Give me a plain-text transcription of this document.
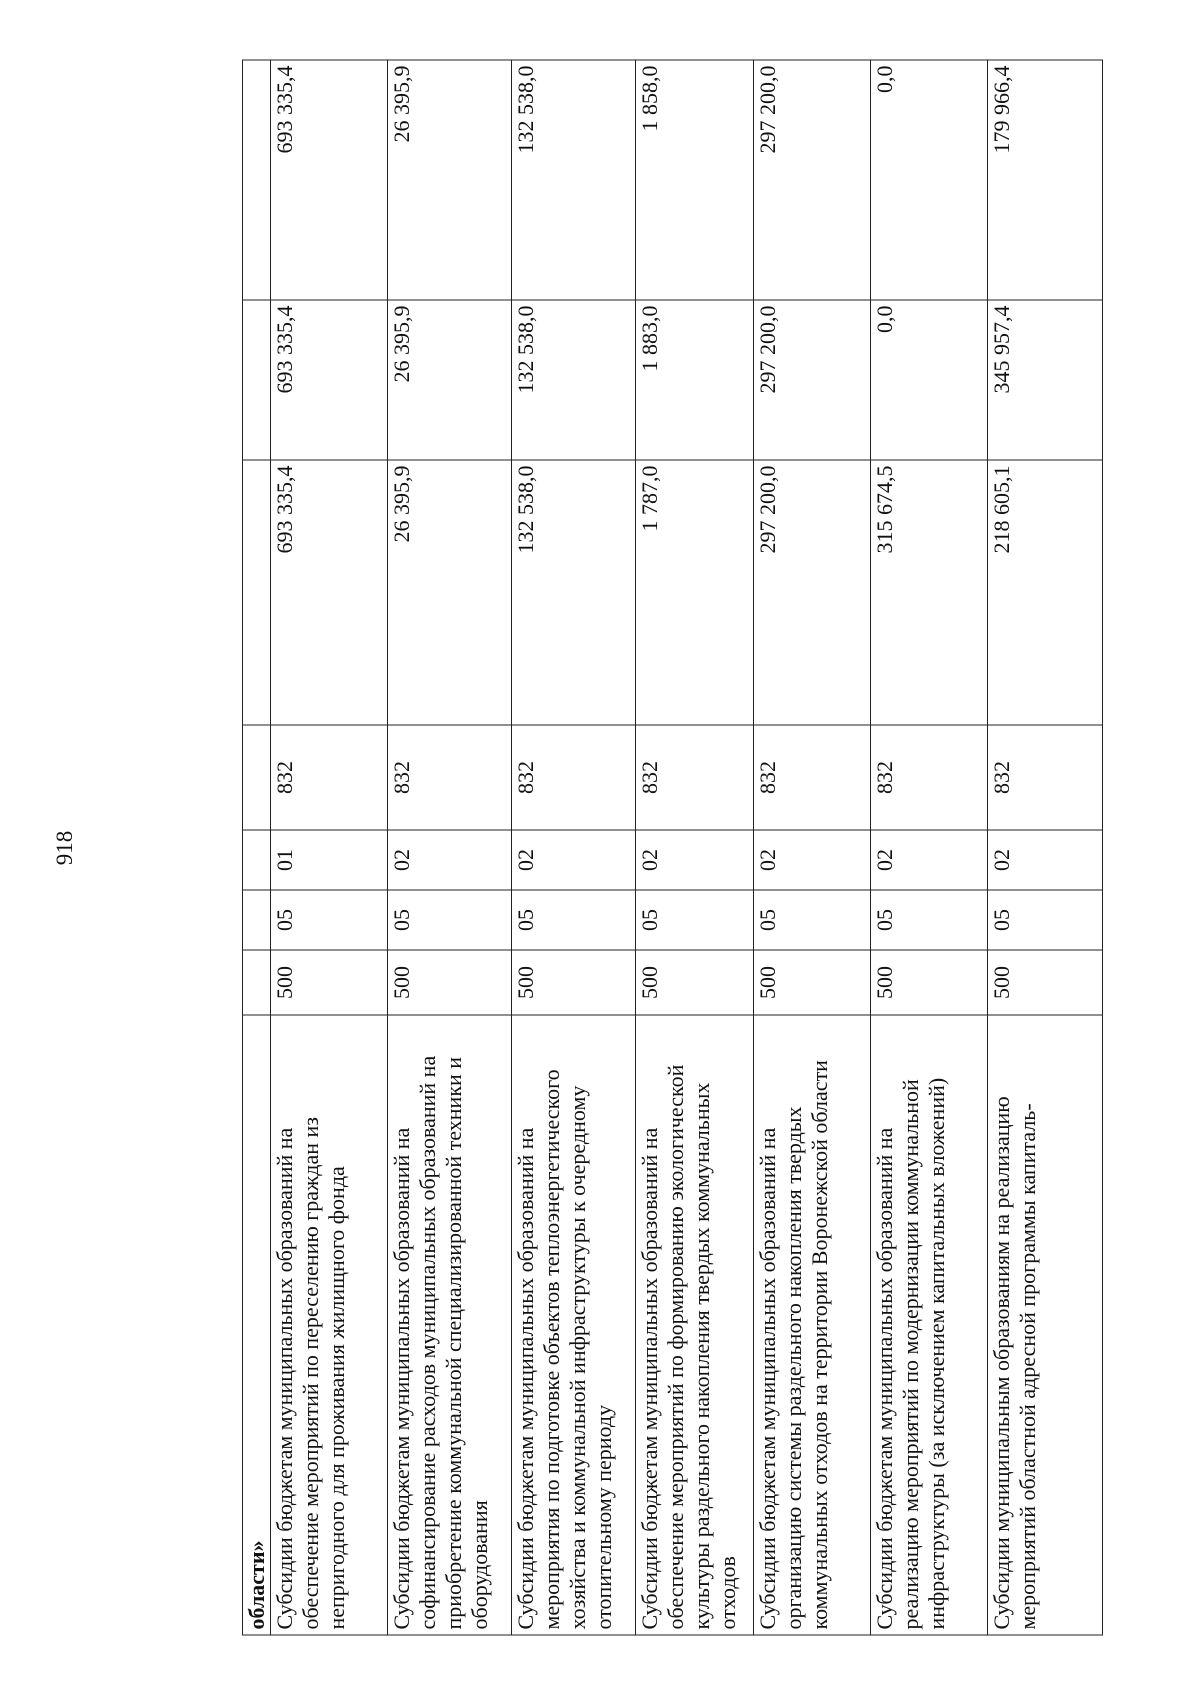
918
области»							
Субсидии бюджетам муниципальных образований на обеспечение мероприятий по переселению граждан из непригодного для проживания жилищного фонда	500	05	01	832	693 335,4	693 335,4	693 335,4
Субсидии бюджетам муниципальных образований на софинансирование расходов муниципальных образований на приобретение коммунальной специализированной техники и оборудования	500	05	02	832	26 395,9	26 395,9	26 395,9
Субсидии бюджетам муниципальных образований на мероприятия по подготовке объектов теплоэнергетического хозяйства и коммунальной инфраструктуры к очередному отопительному периоду	500	05	02	832	132 538,0	132 538,0	132 538,0
Субсидии бюджетам муниципальных образований на обеспечение мероприятий по формированию экологической культуры раздельного накопления твердых коммунальных отходов	500	05	02	832	1 787,0	1 883,0	1 858,0
Субсидии бюджетам муниципальных образований на организацию системы раздельного накопления твердых коммунальных отходов на территории Воронежской области	500	05	02	832	297 200,0	297 200,0	297 200,0
Субсидии бюджетам муниципальных образований на реализацию мероприятий по модернизации коммунальной инфраструктуры (за исключением капитальных вложений)	500	05	02	832	315 674,5	0,0	0,0
Субсидии муниципальным образованиям на реализацию мероприятий областной адресной программы капиталь-	500	05	02	832	218 605,1	345 957,4	179 966,4
